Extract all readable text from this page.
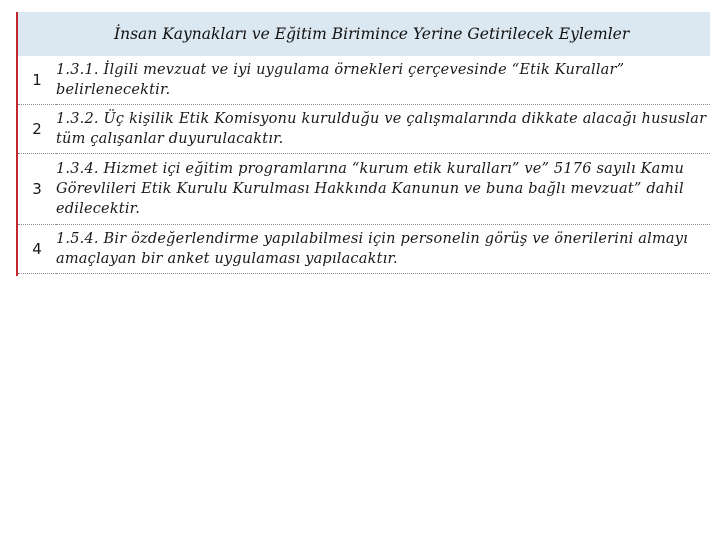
	İnsan Kaynakları ve Eğitim Birimince Yerine Getirilecek Eylemler
1	1.3.1. İlgili mevzuat ve iyi uygulama örnekleri çerçevesinde “Etik Kurallar” belirlenecektir.
2	1.3.2. Üç kişilik Etik Komisyonu kurulduğu ve çalışmalarında dikkate alacağı hususlar tüm çalışanlar duyurulacaktır.
3	1.3.4. Hizmet içi eğitim programlarına “kurum etik kuralları” ve” 5176 sayılı Kamu Görevlileri Etik Kurulu Kurulması Hakkında Kanunun ve buna bağlı mevzuat” dahil edilecektir.
4	1.5.4. Bir özdeğerlendirme yapılabilmesi için personelin görüş ve önerilerini almayı amaçlayan bir anket uygulaması yapılacaktır.
